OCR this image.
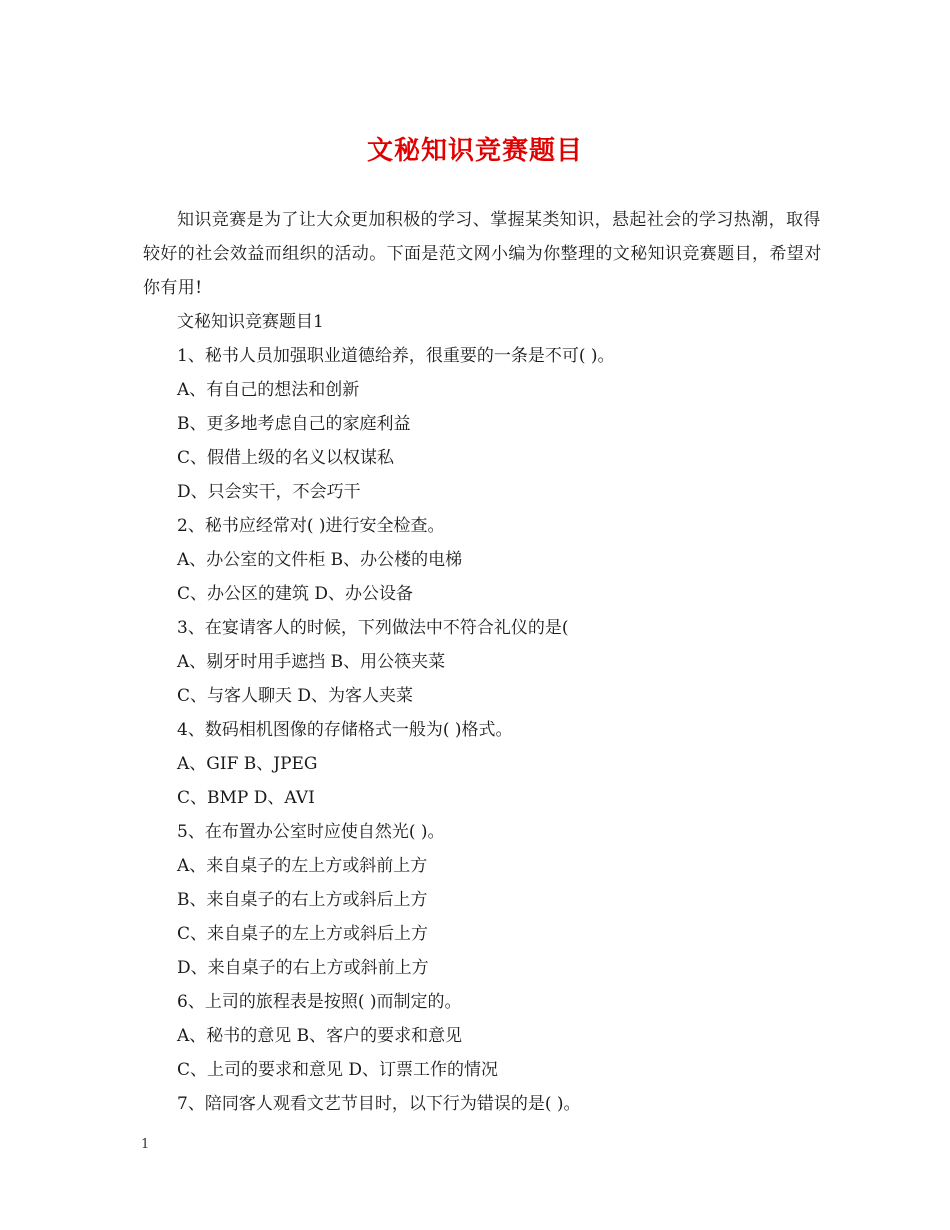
文秘知识竞赛题目

知识竞赛是为了让大众更加积极的学习、掌握某类知识，悬起社会的学习热潮，取得较好的社会效益而组织的活动。下面是范文网小编为你整理的文秘知识竞赛题目，希望对你有用!

文秘知识竞赛题目1

1、秘书人员加强职业道德给养，很重要的一条是不可( )。

A、有自己的想法和创新

B、更多地考虑自己的家庭利益

C、假借上级的名义以权谋私

D、只会实干，不会巧干

2、秘书应经常对( )进行安全检查。

A、办公室的文件柜 B、办公楼的电梯

C、办公区的建筑 D、办公设备

3、在宴请客人的时候，下列做法中不符合礼仪的是(

A、剔牙时用手遮挡 B、用公筷夹菜

C、与客人聊天 D、为客人夹菜

4、数码相机图像的存储格式一般为( )格式。

A、GIF B、JPEG

C、BMP D、AVI

5、在布置办公室时应使自然光( )。

A、来自桌子的左上方或斜前上方

B、来自桌子的右上方或斜后上方

C、来自桌子的左上方或斜后上方

D、来自桌子的右上方或斜前上方

6、上司的旅程表是按照( )而制定的。

A、秘书的意见 B、客户的要求和意见

C、上司的要求和意见 D、订票工作的情况

7、陪同客人观看文艺节目时，以下行为错误的是( )。

1
